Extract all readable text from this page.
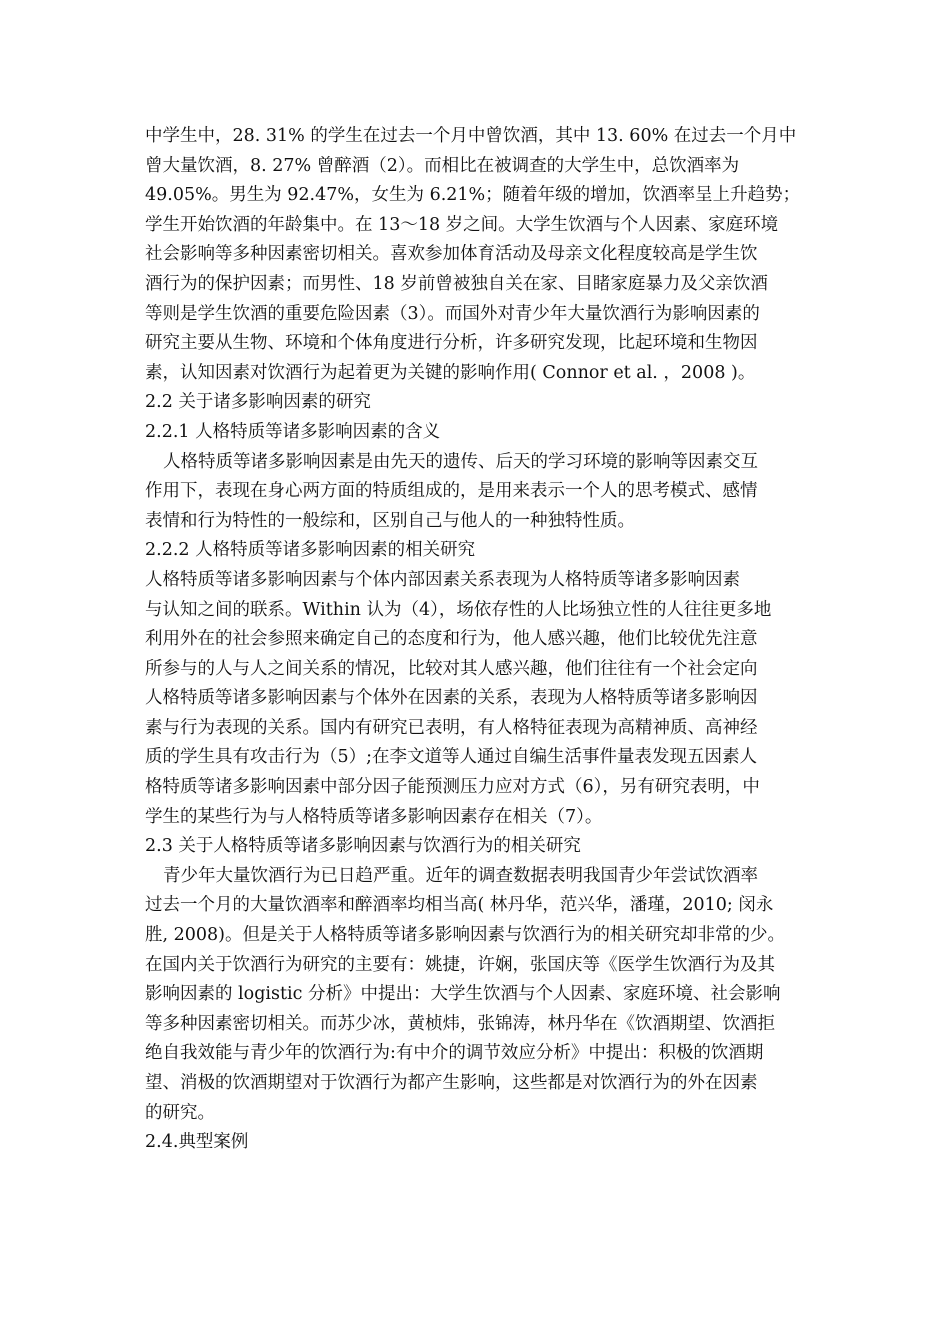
中学生中，28. 31% 的学生在过去一个月中曾饮酒，其中 13. 60% 在过去一个月中
曾大量饮酒，8. 27% 曾醉酒（2）。而相比在被调查的大学生中，总饮酒率为
49.05%。男生为 92.47%，女生为 6.21%；随着年级的增加，饮酒率呈上升趋势；
学生开始饮酒的年龄集中。在 13～18 岁之间。大学生饮酒与个人因素、家庭环境
社会影响等多种因素密切相关。喜欢参加体育活动及母亲文化程度较高是学生饮
酒行为的保护因素；而男性、18 岁前曾被独自关在家、目睹家庭暴力及父亲饮酒
等则是学生饮酒的重要危险因素（3）。而国外对青少年大量饮酒行为影响因素的
研究主要从生物、环境和个体角度进行分析，许多研究发现，比起环境和生物因
素，认知因素对饮酒行为起着更为关键的影响作用( Connor et al. ，2008 )。
2.2 关于诸多影响因素的研究
2.2.1 人格特质等诸多影响因素的含义
人格特质等诸多影响因素是由先天的遗传、后天的学习环境的影响等因素交互
作用下，表现在身心两方面的特质组成的，是用来表示一个人的思考模式、感情
表情和行为特性的一般综和，区别自己与他人的一种独特性质。
2.2.2 人格特质等诸多影响因素的相关研究
人格特质等诸多影响因素与个体内部因素关系表现为人格特质等诸多影响因素
与认知之间的联系。Within 认为（4），场依存性的人比场独立性的人往往更多地
利用外在的社会参照来确定自己的态度和行为，他人感兴趣，他们比较优先注意
所参与的人与人之间关系的情况，比较对其人感兴趣，他们往往有一个社会定向
人格特质等诸多影响因素与个体外在因素的关系，表现为人格特质等诸多影响因
素与行为表现的关系。国内有研究已表明，有人格特征表现为高精神质、高神经
质的学生具有攻击行为（5）;在李文道等人通过自编生活事件量表发现五因素人
格特质等诸多影响因素中部分因子能预测压力应对方式（6），另有研究表明，中
学生的某些行为与人格特质等诸多影响因素存在相关（7）。
2.3 关于人格特质等诸多影响因素与饮酒行为的相关研究
青少年大量饮酒行为已日趋严重。近年的调查数据表明我国青少年尝试饮酒率
过去一个月的大量饮酒率和醉酒率均相当高( 林丹华，范兴华，潘瑾，2010; 闵永
胜, 2008)。但是关于人格特质等诸多影响因素与饮酒行为的相关研究却非常的少。
在国内关于饮酒行为研究的主要有：姚捷，许娴，张国庆等《医学生饮酒行为及其
影响因素的 logistic 分析》中提出：大学生饮酒与个人因素、家庭环境、社会影响
等多种因素密切相关。而苏少冰，黄桢炜，张锦涛，林丹华在《饮酒期望、饮酒拒
绝自我效能与青少年的饮酒行为:有中介的调节效应分析》中提出：积极的饮酒期
望、消极的饮酒期望对于饮酒行为都产生影响，这些都是对饮酒行为的外在因素
的研究。
2.4.典型案例
